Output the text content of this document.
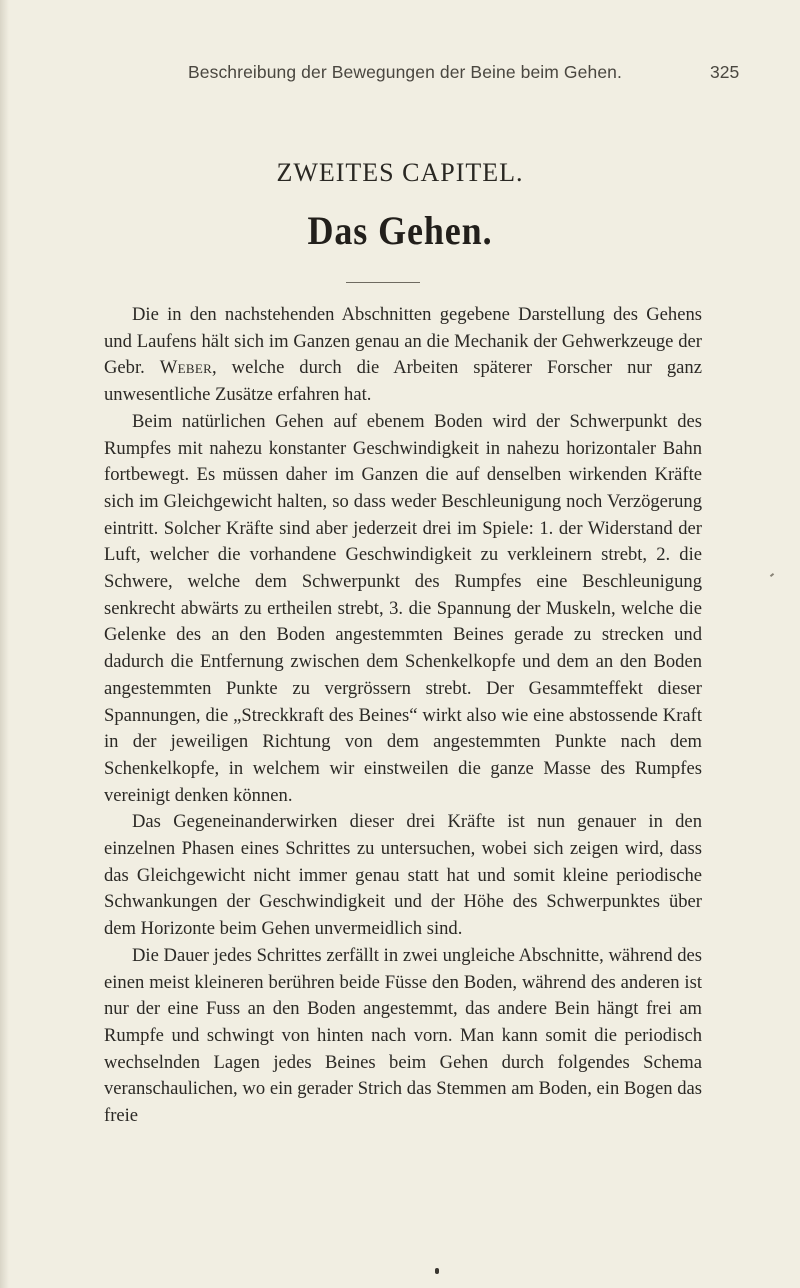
Beschreibung der Bewegungen der Beine beim Gehen.	325
ZWEITES CAPITEL.
Das Gehen.

Die in den nachstehenden Abschnitten gegebene Darstellung des Gehens und Laufens hält sich im Ganzen genau an die Mechanik der Gehwerkzeuge der Gebr. Weber, welche durch die Arbeiten späterer Forscher nur ganz unwesentliche Zusätze erfahren hat.

Beim natürlichen Gehen auf ebenem Boden wird der Schwerpunkt des Rumpfes mit nahezu konstanter Geschwindigkeit in nahezu horizontaler Bahn fortbewegt. Es müssen daher im Ganzen die auf denselben wirkenden Kräfte sich im Gleichgewicht halten, so dass weder Beschleunigung noch Verzögerung eintritt. Solcher Kräfte sind aber jederzeit drei im Spiele: 1. der Widerstand der Luft, welcher die vorhandene Geschwindigkeit zu verkleinern strebt, 2. die Schwere, welche dem Schwerpunkt des Rumpfes eine Beschleunigung senkrecht abwärts zu ertheilen strebt, 3. die Spannung der Muskeln, welche die Gelenke des an den Boden angestemmten Beines gerade zu strecken und dadurch die Entfernung zwischen dem Schenkelkopfe und dem an den Boden angestemmten Punkte zu vergrössern strebt. Der Gesammteffekt dieser Spannungen, die „Streckkraft des Beines“ wirkt also wie eine abstossende Kraft in der jeweiligen Richtung von dem angestemmten Punkte nach dem Schenkelkopfe, in welchem wir einstweilen die ganze Masse des Rumpfes vereinigt denken können.

Das Gegeneinanderwirken dieser drei Kräfte ist nun genauer in den einzelnen Phasen eines Schrittes zu untersuchen, wobei sich zeigen wird, dass das Gleichgewicht nicht immer genau statt hat und somit kleine periodische Schwankungen der Geschwindigkeit und der Höhe des Schwerpunktes über dem Horizonte beim Gehen unvermeidlich sind.

Die Dauer jedes Schrittes zerfällt in zwei ungleiche Abschnitte, während des einen meist kleineren berühren beide Füsse den Boden, während des anderen ist nur der eine Fuss an den Boden angestemmt, das andere Bein hängt frei am Rumpfe und schwingt von hinten nach vorn. Man kann somit die periodisch wechselnden Lagen jedes Beines beim Gehen durch folgendes Schema veranschaulichen, wo ein gerader Strich das Stemmen am Boden, ein Bogen das freie
